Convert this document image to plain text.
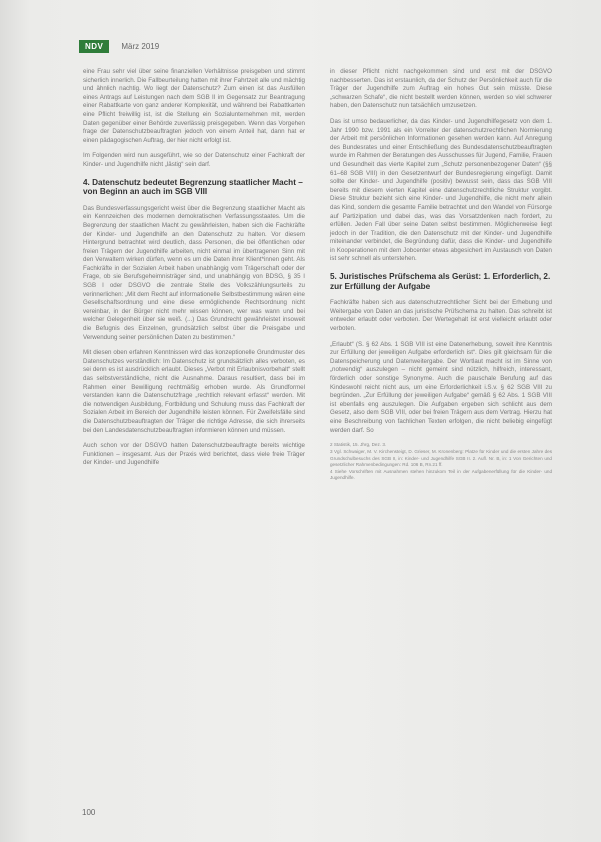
NDV	März 2019

eine Frau sehr viel über seine finanziellen Verhältnisse preisgeben und stimmt sicherlich innerlich. Die Fallbeurteilung hatten mit ihrer Fahrtzeit alle und mächtig und ähnlich nachtig. Wo liegt der Datenschutz? Zum einen ist das Ausfüllen eines Antrags auf Leistungen nach dem SGB II im Gegensatz zur Beantragung einer Rabattkarte von ganz anderer Komplexität, und während bei Rabattkarten eine Pflicht freiwillig ist, ist die Stellung ein Sozialunternehmen mit, werden Daten gegenüber einer Behörde zuverlässig preisgegeben. Wenn das Vorgehen frage der Datenschutzbeauftragten jedoch von einem Anteil hat, dann hat er einen pädagogischen Auftrag, der hier nicht erfolgt ist.

Im Folgenden wird nun ausgeführt, wie so der Datenschutz einer Fachkraft der Kinder- und Jugendhilfe nicht „lästig“ sein darf.

4. Datenschutz bedeutet Begrenzung staatlicher Macht – von Beginn an auch im SGB VIII

Das Bundesverfassungsgericht weist über die Begrenzung staatlicher Macht als ein Kennzeichen des modernen demokratischen Verfassungsstaates. Um die Begrenzung der staatlichen Macht zu gewährleisten, haben sich die Fachkräfte der Kinder- und Jugendhilfe an den Datenschutz zu halten. Vor diesem Hintergrund betrachtet wird deutlich, dass Personen, die bei öffentlichen oder freien Trägern der Jugendhilfe arbeiten, nicht einmal im übertragenen Sinn mit den Verwaltern wirken dürfen, wenn es um die Daten ihrer Klient*innen geht. Als Fachkräfte in der Sozialen Arbeit haben unabhängig vom Trägerschaft oder der Frage, ob sie Berufsgeheimnisträger sind, und unabhängig von BDSG, § 35 I SGB I oder DSGVO die zentrale Stelle des Volkszählungsurteils zu verinnerlichen: „Mit dem Recht auf informationelle Selbstbestimmung wären eine Gesellschaftsordnung und eine diese ermöglichende Rechtsordnung nicht vereinbar, in der Bürger nicht mehr wissen können, wer was wann und bei welcher Gelegenheit über sie weiß. (...) Das Grundrecht gewährleistet insoweit die Befugnis des Einzelnen, grundsätzlich selbst über die Preisgabe und Verwendung seiner persönlichen Daten zu bestimmen.“

Mit diesen oben erfahren Kenntnissen wird das konzeptionelle Grundmuster des Datenschutzes verständlich: Im Datenschutz ist grundsätzlich alles verboten, es sei denn es ist ausdrücklich erlaubt. Dieses „Verbot mit Erlaubnisvorbehalt“ stellt das selbstverständliche, nicht die Ausnahme. Daraus resultiert, dass bei im Rahmen einer Bewilligung rechtmäßig erhoben wurde. Als Grundformel verstanden kann die Datenschutzfrage „rechtlich relevant erfasst“ werden. Mit die notwendigen Ausbildung, Fortbildung und Schulung muss das Fachkraft der Sozialen Arbeit im Bereich der Jugendhilfe leisten können. Für Zweifelsfälle sind die Datenschutzbeauftragten der Träger die richtige Adresse, die sich ihrerseits bei den Landesdatenschutzbeauftragten informieren können und müssen.

Auch schon vor der DSGVO hatten Datenschutzbeauftragte bereits wichtige Funktionen – insgesamt. Aus der Praxis wird berichtet, dass viele freie Träger der Kinder- und Jugendhilfe

in dieser Pflicht nicht nachgekommen sind und erst mit der DSGVO nachbesserten. Das ist erstaunlich, da der Schutz der Persönlichkeit auch für die Träger der Jugendhilfe zum Auftrag ein hohes Gut sein müsste. Diese „schwarzen Schafe“, die nicht bestellt werden können, werden so viel schwerer haben, den Datenschutz nun tatsächlich umzusetzen.

Das ist umso bedauerlicher, da das Kinder- und Jugendhilfegesetz von dem 1. Jahr 1990 bzw. 1991 als ein Vorreiter der datenschutzrechtlichen Normierung der Arbeit mit persönlichen Informationen gesehen werden kann. Auf Anregung des Bundesrates und einer Entschließung des Bundesdatenschutzbeauftragten wurde im Rahmen der Beratungen des Ausschusses für Jugend, Familie, Frauen und Gesundheit das vierte Kapitel zum „Schutz personenbezogener Daten“ (§§ 61–68 SGB VIII) in den Gesetzentwurf der Bundesregierung eingefügt. Damit sollte der Kinder- und Jugendhilfe (positiv) bewusst sein, dass das SGB VIII bereits mit diesem vierten Kapitel eine datenschutzrechtliche Struktur vorgibt. Diese Struktur bezieht sich eine Kinder- und Jugendhilfe, die nicht mehr allein das Kind, sondern die gesamte Familie betrachtet und den Wandel von Fürsorge auf Partizipation und dabei das, was das Vorsatzdenken nach fordert, zu erfüllen. Jeden Fall über seine Daten selbst bestimmen. Möglicherweise liegt jedoch in der Tradition, die den Datenschutz mit der Kinder- und Jugendhilfe miteinander verbindet, die Begründung dafür, dass die Kinder- und Jugendhilfe in Kooperationen mit dem Jobcenter etwas abgesichert im Austausch von Daten ist sehr schnell als unterstehen.

5. Juristisches Prüfschema als Gerüst: 1. Erforderlich, 2. zur Erfüllung der Aufgabe

Fachkräfte haben sich aus datenschutzrechtlicher Sicht bei der Erhebung und Weitergabe von Daten an das juristische Prüfschema zu halten. Das schreibt ist entweder erlaubt oder verboten. Der Wertegehalt ist erst vielleicht erlaubt oder verboten.

„Erlaubt“ (S. § 62 Abs. 1 SGB VIII ist eine Datenerhebung, soweit ihre Kenntnis zur Erfüllung der jeweiligen Aufgabe erforderlich ist“. Dies gilt gleichsam für die Datenspeicherung und Datenweitergabe. Der Wortlaut macht ist im Sinne von „notwendig“ auszulegen – nicht gemeint sind nützlich, hilfreich, interessant, förderlich oder sonstige Synonyme. Auch die pauschale Berufung auf das Kindeswohl reicht nicht aus, um eine Erforderlichkeit i.S.v. § 62 SGB VIII zu begründen. „Zur Erfüllung der jeweiligen Aufgabe“ gemäß § 62 Abs. 1 SGB VIII ist ebenfalls eng auszulegen. Die Aufgaben ergeben sich schlicht aus dem Gesetz, also dem SGB VIII, oder bei freien Trägern aus dem Vertrag. Hierzu hat eine Beschreibung von fachlichen Texten erfolgen, die nicht beliebig eingefügt werden darf. So

2 Statistik, 15. Jhrg, Dez. 3.
3 Vgl. Schwaiger, M. V. Kirchensteigt, D. Grieser, M. Kronenberg: Platze für Kinder und die ersten Jahre des Grundschulbesuchs des SGB II, in: Kinder- und Jugendhilfe SGB II. 2. Aufl. Nr. B, in: 1 Von Gerichten und gesetzlicher Rahmenbedingungen: Rd. 106 B, Rn.21 ff.
4 Siehe Vorschriften mit Ausnahmen stehen hinzukom Teil in der Aufgabenerfüllung für die Kinder- und Jugendhilfe.
100
